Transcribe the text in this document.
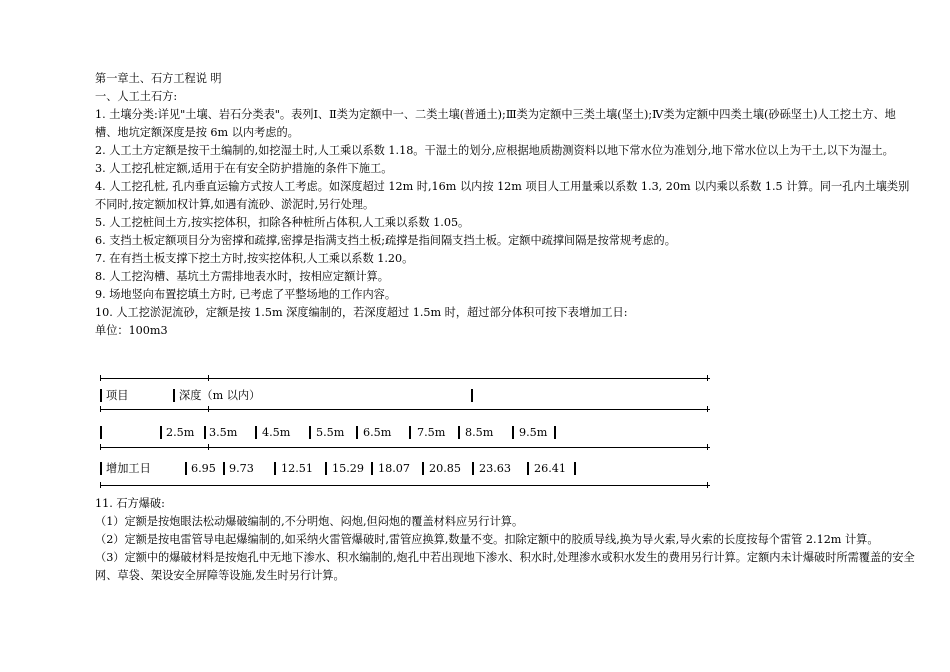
第一章土、石方工程说 明

一、人工土石方:

1. 土壤分类:详见"土壤、岩石分类表"。表列Ⅰ、Ⅱ类为定额中一、二类土壤(普通土);Ⅲ类为定额中三类土壤(坚土);Ⅳ类为定额中四类土壤(砂砾坚土)人工挖土方、地槽、地坑定额深度是按 6m 以内考虑的。

2. 人工土方定额是按干土编制的,如挖湿土时,人工乘以系数 1.18。干湿土的划分,应根据地质勘测资料以地下常水位为准划分,地下常水位以上为干土,以下为湿土。

3. 人工挖孔桩定额,适用于在有安全防护措施的条件下施工。

4. 人工挖孔桩, 孔内垂直运输方式按人工考虑。如深度超过 12m 时,16m 以内按 12m 项目人工用量乘以系数 1.3, 20m 以内乘以系数 1.5 计算。同一孔内土壤类别不同时,按定额加权计算,如遇有流砂、淤泥时,另行处理。

5. 人工挖桩间土方,按实挖体积，扣除各种桩所占体积,人工乘以系数 1.05。

6. 支挡土板定额项目分为密撑和疏撑,密撑是指满支挡土板;疏撑是指间隔支挡土板。定额中疏撑间隔是按常规考虑的。

7. 在有挡土板支撑下挖土方时,按实挖体积,人工乘以系数 1.20。

8. 人工挖沟槽、基坑土方需排地表水时，按相应定额计算。

9. 场地竖向布置挖填土方时, 已考虑了平整场地的工作内容。

10. 人工挖淤泥流砂，定额是按 1.5m 深度编制的，若深度超过 1.5m 时，超过部分体积可按下表增加工日:

单位：100m3

项目	深度（m 以内）
2.5m 3.5m 4.5m 5.5m 6.5m 7.5m 8.5m 9.5m
增加工日	6.95 9.73 12.51 15.29 18.07 20.85 23.63 26.41

11. 石方爆破:

（1）定额是按炮眼法松动爆破编制的,不分明炮、闷炮,但闷炮的覆盖材料应另行计算。

（2）定额是按电雷管导电起爆编制的,如采纳火雷管爆破时,雷管应换算,数量不变。扣除定额中的胶质导线,换为导火索,导火索的长度按每个雷管 2.12m 计算。

（3）定额中的爆破材料是按炮孔中无地下渗水、积水编制的,炮孔中若出现地下渗水、积水时,处理渗水或积水发生的费用另行计算。定额内未计爆破时所需覆盖的安全网、草袋、架设安全屏障等设施,发生时另行计算。
